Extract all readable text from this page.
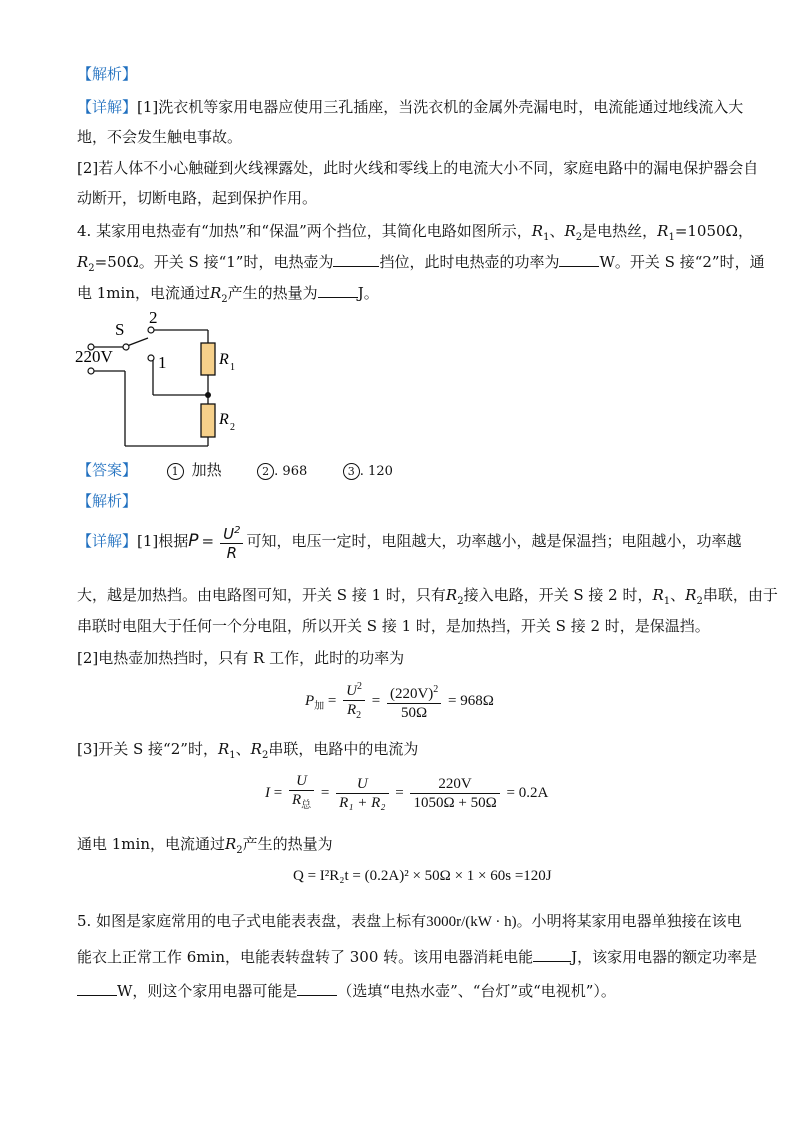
【解析】
【详解】[1]洗衣机等家用电器应使用三孔插座，当洗衣机的金属外壳漏电时，电流能通过地线流入大
地，不会发生触电事故。
[2]若人体不小心触碰到火线裸露处，此时火线和零线上的电流大小不同，家庭电路中的漏电保护器会自
动断开，切断电路，起到保护作用。
4. 某家用电热壶有“加热”和“保温”两个挡位，其简化电路如图所示，$R_1$、$R_2$是电热丝，$R_1=1050\Omega$，
$R_2=50\Omega$。开关 S 接“1”时，电热壶为	挡位，此时电热壶的功率为	W。开关 S 接“2”时，通
电 1min，电流通过$R_2$产生的热量为	J。
2
S
220V	1	R 1
R 2
【答案】	1 加热	2 . 968	3 . 120
【解析】
【详解】[1]根据$P = \frac{U^2}{R}$ 可知，电压一定时，电阻越大，功率越小，越是保温挡；电阻越小，功率越
大，越是加热挡。由电路图可知，开关 S 接 1 时，只有$R_2$接入电路，开关 S 接 2 时，$R_1$、$R_2$串联，由于
串联时电阻大于任何一个分电阻，所以开关 S 接 1 时，是加热挡，开关 S 接 2 时，是保温挡。
[2]电热壶加热挡时，只有 R 工作，此时的功率为
$P_加 = \frac{U^2}{R_2} = \frac{(220V)^2}{50\Omega} = 968\Omega$
[3]开关 S 接“2”时，$R_1$、$R_2$串联，电路中的电流为
$I = \frac{U}{R_总} = \frac{U}{\text{R₁ + R₂}} = \frac{220V}{1050\Omega + 50\Omega} = 0.2A$
通电 1min，电流通过$R_2$产生的热量为
Q = I²R₂t = (0.2A)² × 50Ω × 1 × 60s =120J
5. 如图是家庭常用的电子式电能表表盘，表盘上标有3000r/(kW · h)。小明将某家用电器单独接在该电
能衣上正常工作 6min，电能表转盘转了 300 转。该用电器消耗电能	J，该家用电器的额定功率是
W，则这个家用电器可能是	（选填“电热水壶”、“台灯”或“电视机”）。
